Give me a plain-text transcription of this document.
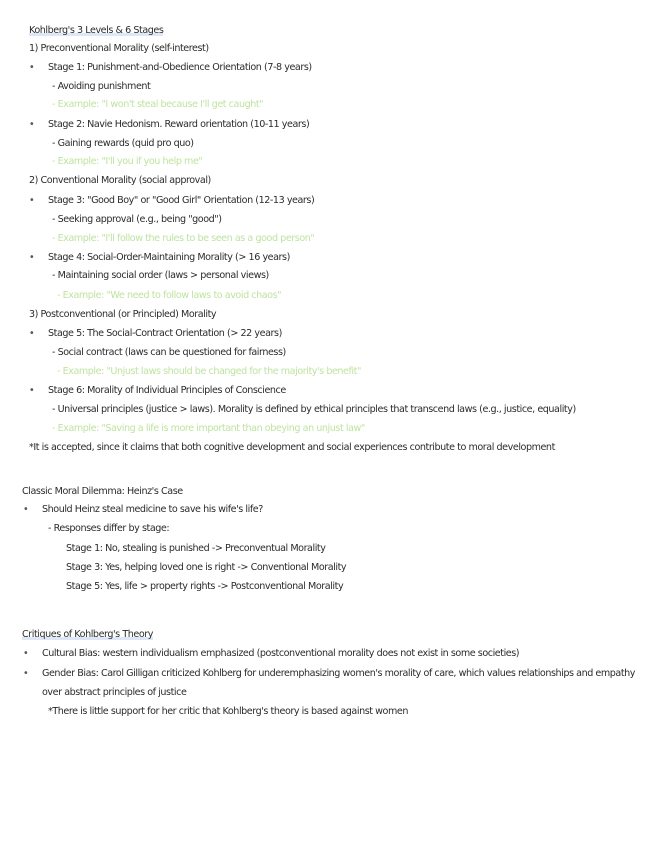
Kohlberg's 3 Levels & 6 Stages
1) Preconventional Morality (self-interest)
• Stage 1: Punishment-and-Obedience Orientation (7-8 years)
- Avoiding punishment
- Example: "I won't steal because I'll get caught"
• Stage 2: Navie Hedonism. Reward orientation (10-11 years)
- Gaining rewards (quid pro quo)
- Example: "I'll you if you help me"
2) Conventional Morality (social approval)
• Stage 3: "Good Boy" or "Good Girl" Orientation (12-13 years)
- Seeking approval (e.g., being "good")
- Example: "I'll follow the rules to be seen as a good person"
• Stage 4: Social-Order-Maintaining Morality (> 16 years)
- Maintaining social order (laws > personal views)
- Example: "We need to follow laws to avoid chaos"
3) Postconventional (or Principled) Morality
• Stage 5: The Social-Contract Orientation (> 22 years)
- Social contract (laws can be questioned for fairness)
- Example: "Unjust laws should be changed for the majority's benefit"
• Stage 6: Morality of Individual Principles of Conscience
- Universal principles (justice > laws). Morality is defined by ethical principles that transcend laws (e.g., justice, equality)
- Example: "Saving a life is more important than obeying an unjust law"
*It is accepted, since it claims that both cognitive development and social experiences contribute to moral development
Classic Moral Dilemma: Heinz's Case
• Should Heinz steal medicine to save his wife's life?
- Responses differ by stage:
Stage 1: No, stealing is punished -> Preconventual Morality
Stage 3: Yes, helping loved one is right -> Conventional Morality
Stage 5: Yes, life > property rights -> Postconventional Morality
Critiques of Kohlberg's Theory
• Cultural Bias: western individualism emphasized (postconventional morality does not exist in some societies)
• Gender Bias: Carol Gilligan criticized Kohlberg for underemphasizing women's morality of care, which values relationships and empathy
over abstract principles of justice
*There is little support for her critic that Kohlberg's theory is based against women
